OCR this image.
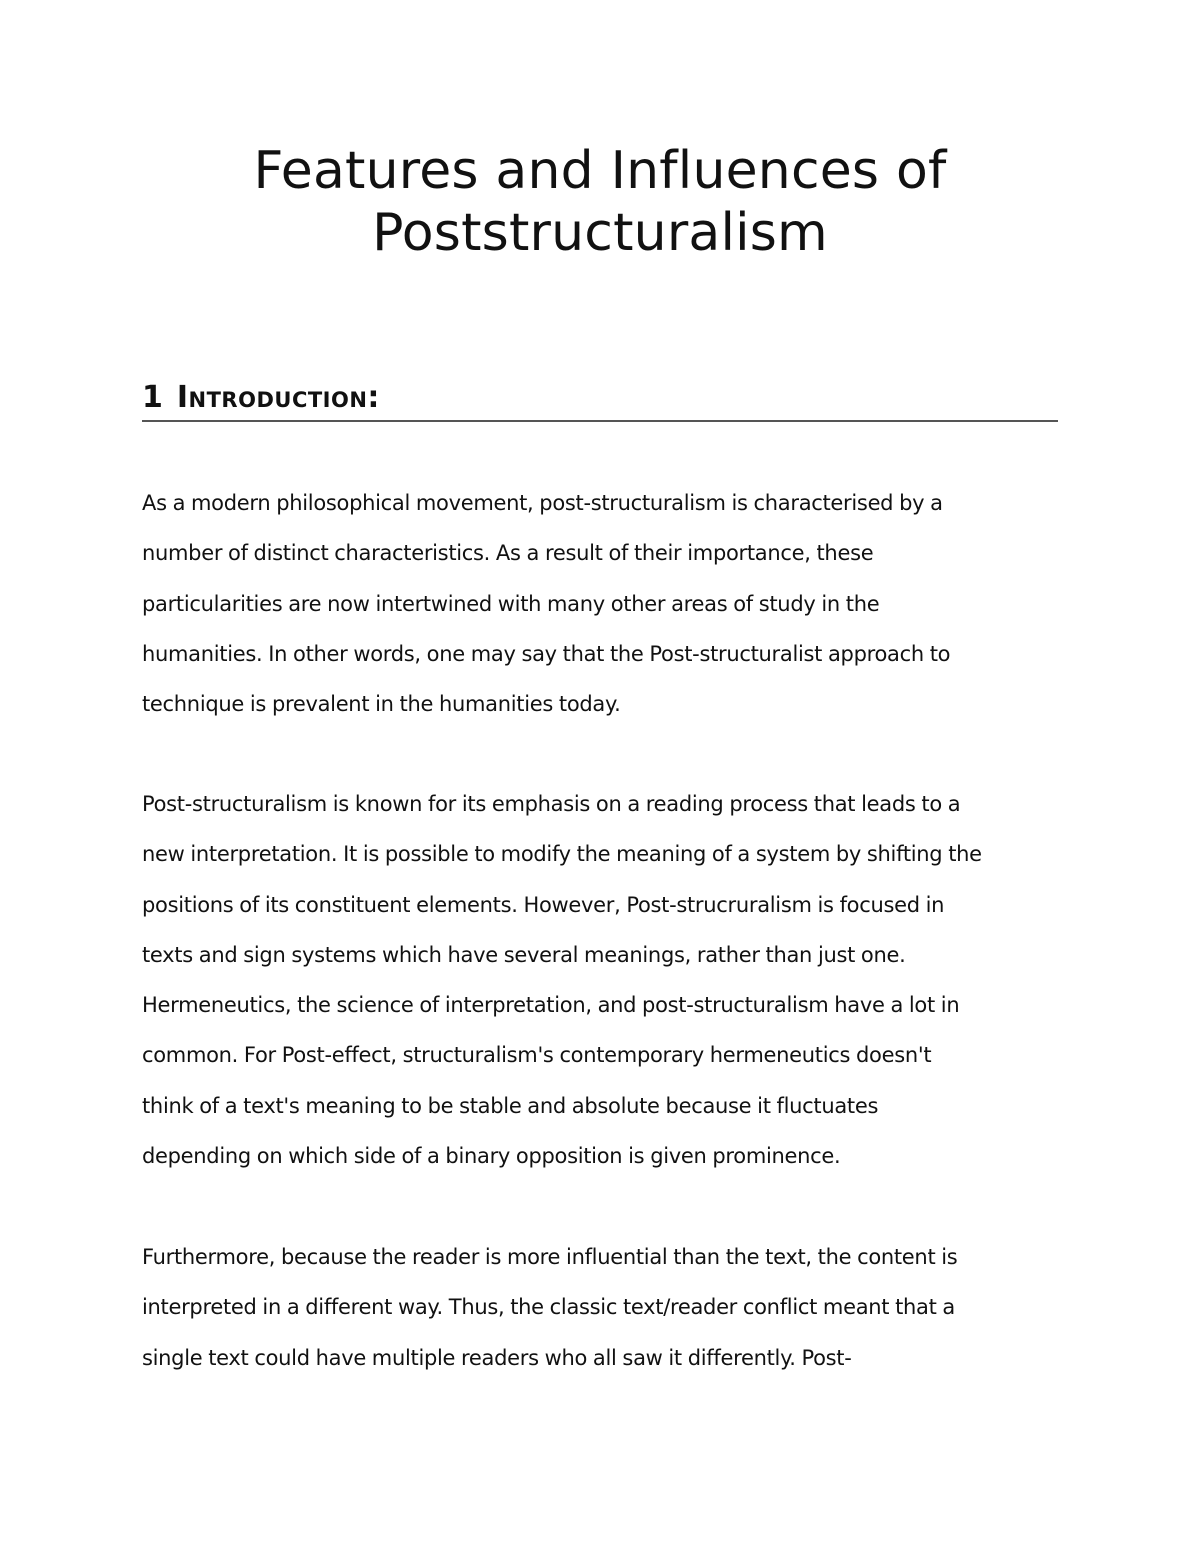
Features and Influences of
Poststructuralism
1 Introduction:

As a modern philosophical movement, post-structuralism is characterised by a
number of distinct characteristics. As a result of their importance, these
particularities are now intertwined with many other areas of study in the
humanities. In other words, one may say that the Post-structuralist approach to
technique is prevalent in the humanities today.

Post-structuralism is known for its emphasis on a reading process that leads to a
new interpretation. It is possible to modify the meaning of a system by shifting the
positions of its constituent elements. However, Post-strucruralism is focused in
texts and sign systems which have several meanings, rather than just one.
Hermeneutics, the science of interpretation, and post-structuralism have a lot in
common. For Post-effect, structuralism's contemporary hermeneutics doesn't
think of a text's meaning to be stable and absolute because it fluctuates
depending on which side of a binary opposition is given prominence.

Furthermore, because the reader is more influential than the text, the content is
interpreted in a different way. Thus, the classic text/reader conflict meant that a
single text could have multiple readers who all saw it differently. Post-
